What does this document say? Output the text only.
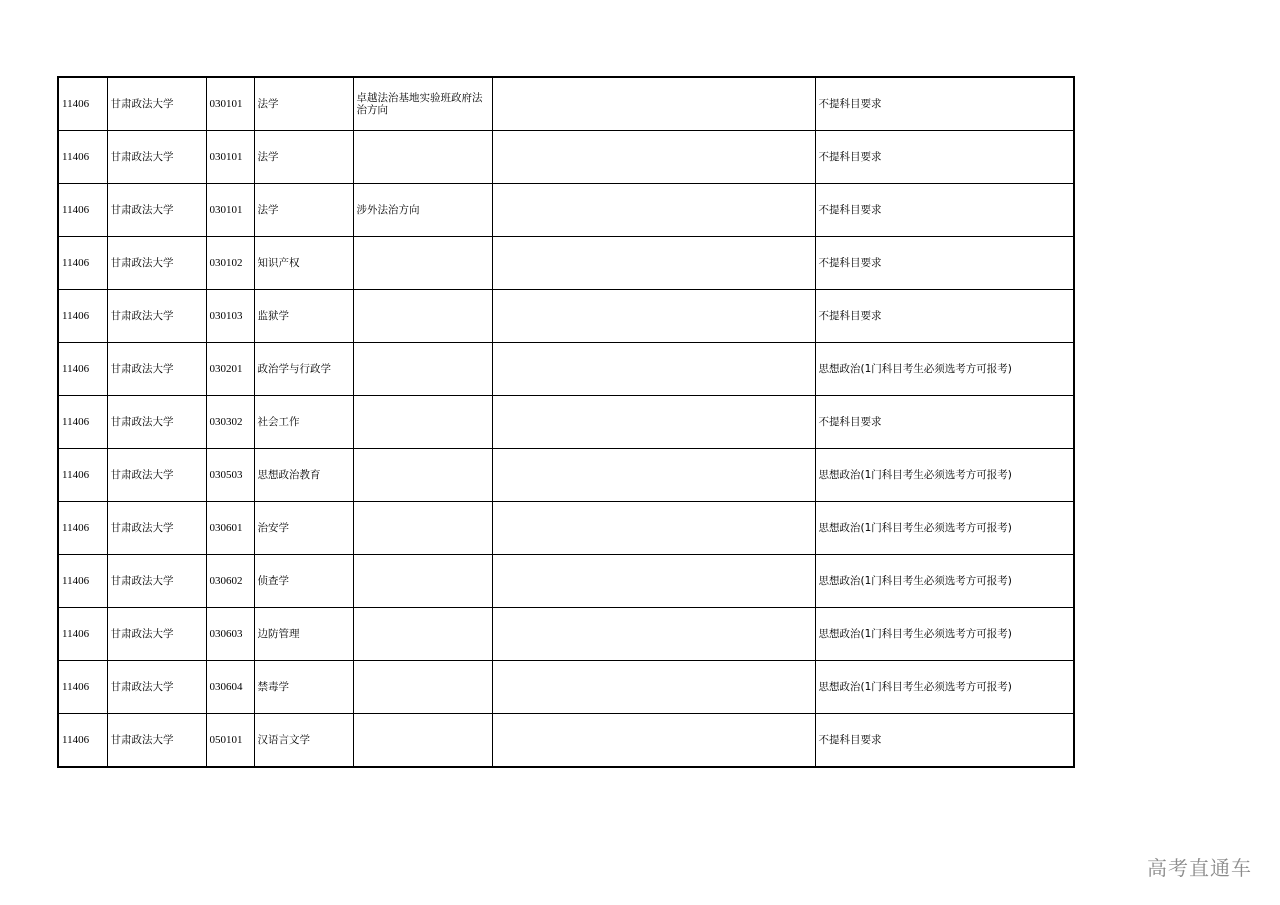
11406	甘肃政法大学	030101	法学	卓越法治基地实验班政府法治方向		不提科目要求
11406	甘肃政法大学	030101	法学			不提科目要求
11406	甘肃政法大学	030101	法学	涉外法治方向		不提科目要求
11406	甘肃政法大学	030102	知识产权			不提科目要求
11406	甘肃政法大学	030103	监狱学			不提科目要求
11406	甘肃政法大学	030201	政治学与行政学			思想政治(1门科目考生必须选考方可报考)
11406	甘肃政法大学	030302	社会工作			不提科目要求
11406	甘肃政法大学	030503	思想政治教育			思想政治(1门科目考生必须选考方可报考)
11406	甘肃政法大学	030601	治安学			思想政治(1门科目考生必须选考方可报考)
11406	甘肃政法大学	030602	侦查学			思想政治(1门科目考生必须选考方可报考)
11406	甘肃政法大学	030603	边防管理			思想政治(1门科目考生必须选考方可报考)
11406	甘肃政法大学	030604	禁毒学			思想政治(1门科目考生必须选考方可报考)
11406	甘肃政法大学	050101	汉语言文学			不提科目要求
高考直通车
